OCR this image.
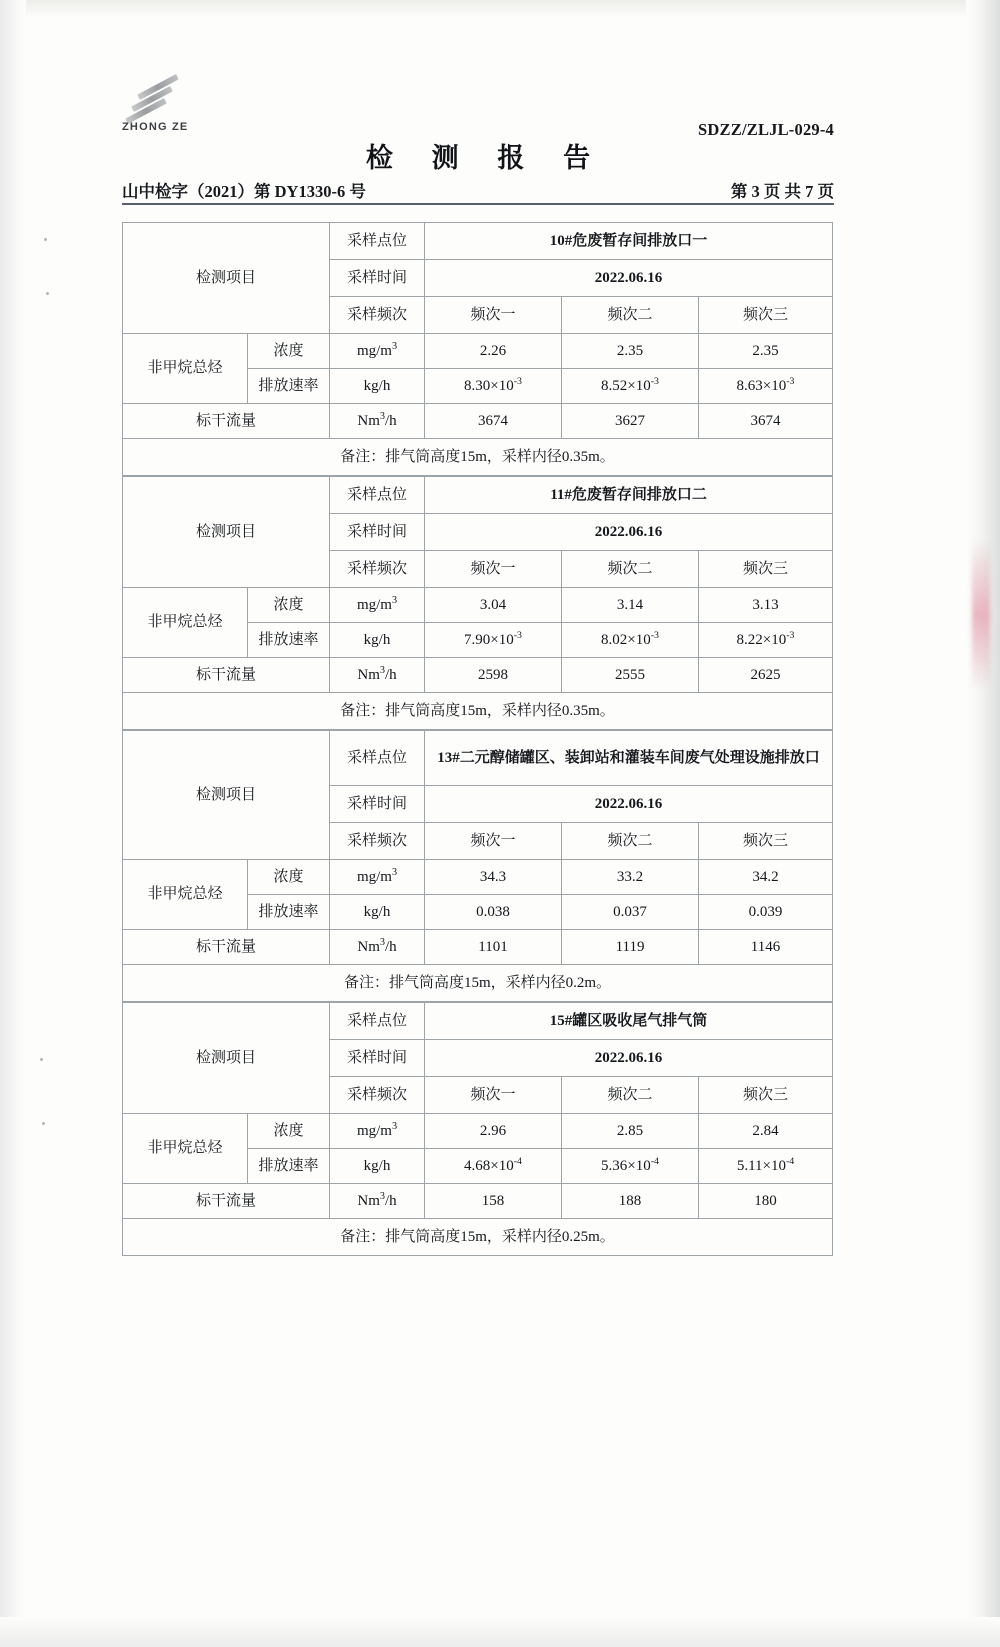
ZHONG ZE	SDZZ/ZLJL-029-4
检 测 报 告
山中检字（2021）第 DY1330-6 号	第 3 页 共 7 页
检测项目		采样点位	10#危废暂存间排放口一		
		采样时间	2022.06.16		
		采样频次	频次一	频次二	频次三
非甲烷总烃	浓度	$mg/m^3$	2.26	2.35	2.35
	排放速率	kg/h	$8.30\times 10^{-3}$	$8.52\times 10^{-3}$	$8.63\times 10^{-3}$
标干流量		Nm$^3$/h	3674	3627	3674
备注：排气筒高度15m，采样内径0.35m。					
检测项目		采样点位	11#危废暂存间排放口二		
		采样时间	2022.06.16		
		采样频次	频次一	频次二	频次三
非甲烷总烃	浓度	$mg/m^3$	3.04	3.14	3.13
	排放速率	kg/h	$7.90\times 10^{-3}$	$8.02\times 10^{-3}$	$8.22\times 10^{-3}$
标干流量		Nm$^3$/h	2598	2555	2625
备注：排气筒高度15m，采样内径0.35m。					
检测项目		采样点位	13#二元醇储罐区、装卸站和灌装车间废气处理设施排放口		
		采样时间	2022.06.16		
		采样频次	频次一	频次二	频次三
非甲烷总烃	浓度	$mg/m^3$	34.3	33.2	34.2
	排放速率	kg/h	0.038	0.037	0.039
标干流量		Nm$^3$/h	1101	1119	1146
备注：排气筒高度15m，采样内径0.2m。					
检测项目		采样点位	15#罐区吸收尾气排气筒		
		采样时间	2022.06.16		
		采样频次	频次一	频次二	频次三
非甲烷总烃	浓度	$mg/m^3$	2.96	2.85	2.84
	排放速率	kg/h	$4.68\times 10^{-4}$	$5.36\times 10^{-4}$	$5.11\times 10^{-4}$
标干流量		Nm$^3$/h	158	188	180
备注：排气筒高度15m，采样内径0.25m。					
